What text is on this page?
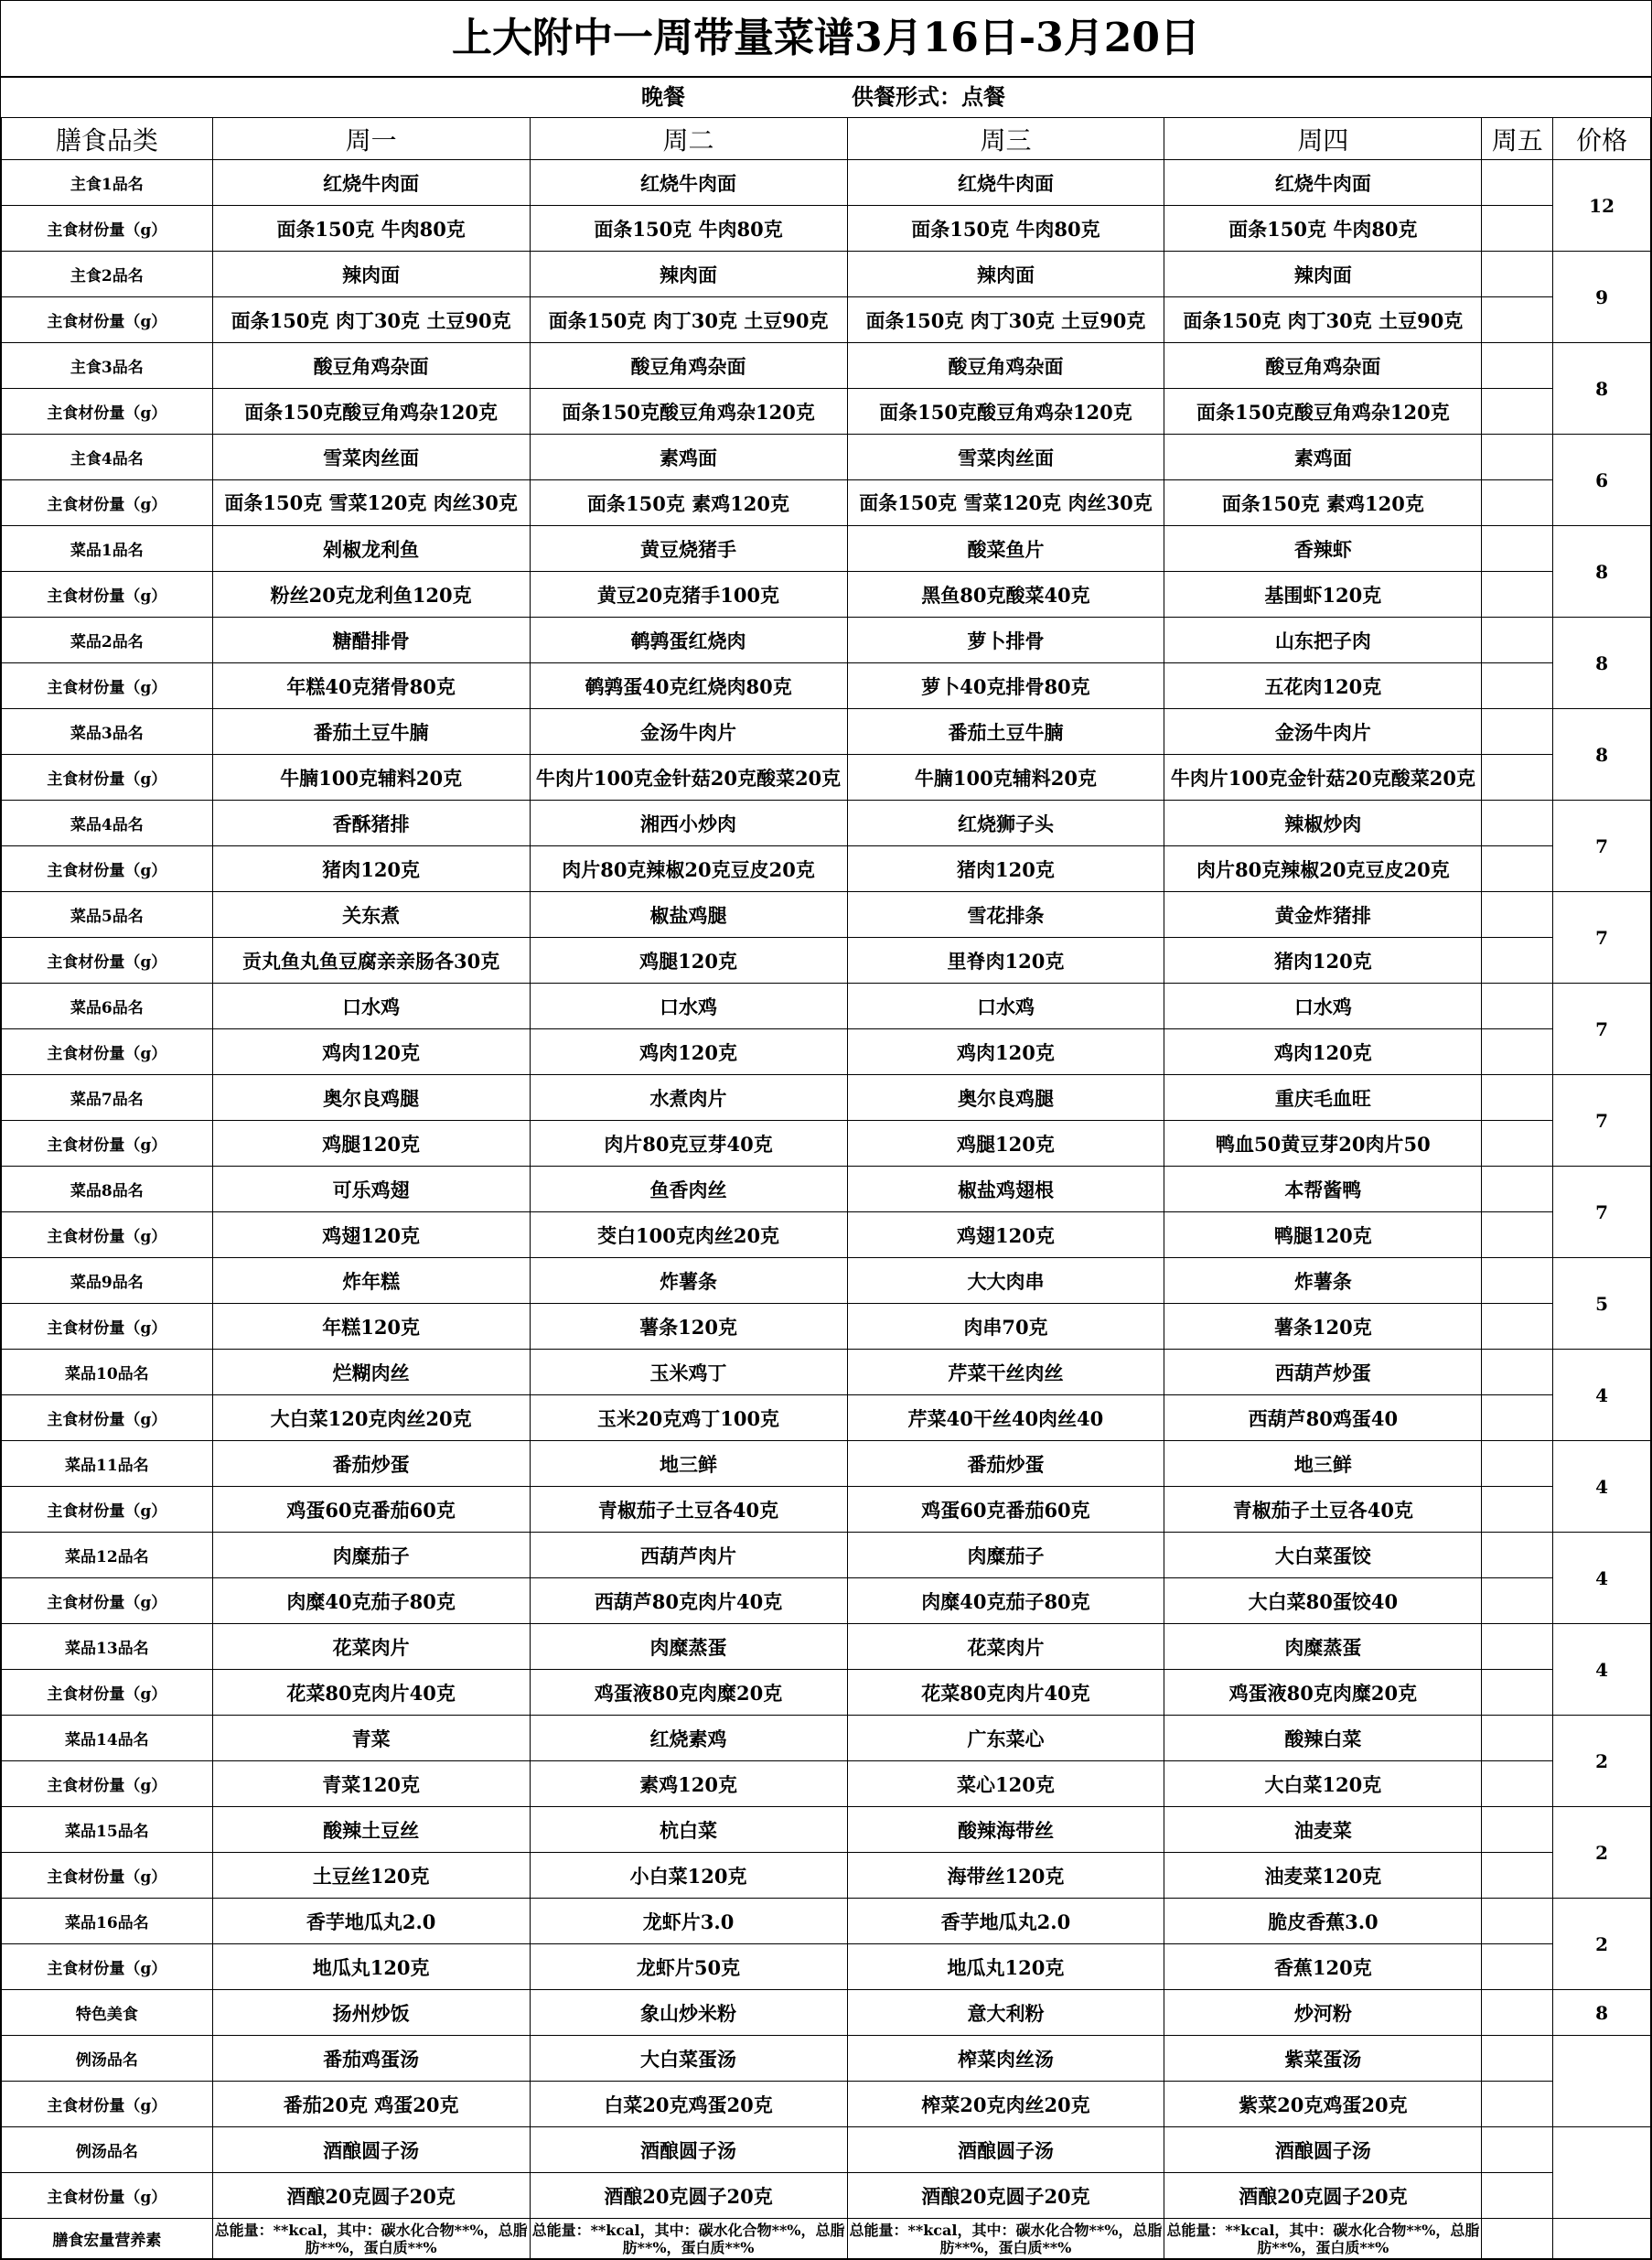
上大附中一周带量菜谱3月16日-3月20日
晚餐	供餐形式：点餐
膳食品类	周一	周二	周三	周四	周五	价格
主食1品名	红烧牛肉面	红烧牛肉面	红烧牛肉面	红烧牛肉面		12
主食材份量（g）	面条150克 牛肉80克	面条150克 牛肉80克	面条150克 牛肉80克	面条150克 牛肉80克		
主食2品名	辣肉面	辣肉面	辣肉面	辣肉面		9
主食材份量（g）	面条150克 肉丁30克 土豆90克	面条150克 肉丁30克 土豆90克	面条150克 肉丁30克 土豆90克	面条150克 肉丁30克 土豆90克		
主食3品名	酸豆角鸡杂面	酸豆角鸡杂面	酸豆角鸡杂面	酸豆角鸡杂面		8
主食材份量（g）	面条150克酸豆角鸡杂120克	面条150克酸豆角鸡杂120克	面条150克酸豆角鸡杂120克	面条150克酸豆角鸡杂120克		
主食4品名	雪菜肉丝面	素鸡面	雪菜肉丝面	素鸡面		6
主食材份量（g）	面条150克 雪菜120克 肉丝30克	面条150克 素鸡120克	面条150克 雪菜120克 肉丝30克	面条150克 素鸡120克		
菜品1品名	剁椒龙利鱼	黄豆烧猪手	酸菜鱼片	香辣虾		8
主食材份量（g）	粉丝20克龙利鱼120克	黄豆20克猪手100克	黑鱼80克酸菜40克	基围虾120克		
菜品2品名	糖醋排骨	鹌鹑蛋红烧肉	萝卜排骨	山东把子肉		8
主食材份量（g）	年糕40克猪骨80克	鹌鹑蛋40克红烧肉80克	萝卜40克排骨80克	五花肉120克		
菜品3品名	番茄土豆牛腩	金汤牛肉片	番茄土豆牛腩	金汤牛肉片		8
主食材份量（g）	牛腩100克辅料20克	牛肉片100克金针菇20克酸菜20克	牛腩100克辅料20克	牛肉片100克金针菇20克酸菜20克		
菜品4品名	香酥猪排	湘西小炒肉	红烧狮子头	辣椒炒肉		7
主食材份量（g）	猪肉120克	肉片80克辣椒20克豆皮20克	猪肉120克	肉片80克辣椒20克豆皮20克		
菜品5品名	关东煮	椒盐鸡腿	雪花排条	黄金炸猪排		7
主食材份量（g）	贡丸鱼丸鱼豆腐亲亲肠各30克	鸡腿120克	里脊肉120克	猪肉120克		
菜品6品名	口水鸡	口水鸡	口水鸡	口水鸡		7
主食材份量（g）	鸡肉120克	鸡肉120克	鸡肉120克	鸡肉120克		
菜品7品名	奥尔良鸡腿	水煮肉片	奥尔良鸡腿	重庆毛血旺		7
主食材份量（g）	鸡腿120克	肉片80克豆芽40克	鸡腿120克	鸭血50黄豆芽20肉片50		
菜品8品名	可乐鸡翅	鱼香肉丝	椒盐鸡翅根	本帮酱鸭		7
主食材份量（g）	鸡翅120克	茭白100克肉丝20克	鸡翅120克	鸭腿120克		
菜品9品名	炸年糕	炸薯条	大大肉串	炸薯条		5
主食材份量（g）	年糕120克	薯条120克	肉串70克	薯条120克		
菜品10品名	烂糊肉丝	玉米鸡丁	芹菜干丝肉丝	西葫芦炒蛋		4
主食材份量（g）	大白菜120克肉丝20克	玉米20克鸡丁100克	芹菜40干丝40肉丝40	西葫芦80鸡蛋40		
菜品11品名	番茄炒蛋	地三鲜	番茄炒蛋	地三鲜		4
主食材份量（g）	鸡蛋60克番茄60克	青椒茄子土豆各40克	鸡蛋60克番茄60克	青椒茄子土豆各40克		
菜品12品名	肉糜茄子	西葫芦肉片	肉糜茄子	大白菜蛋饺		4
主食材份量（g）	肉糜40克茄子80克	西葫芦80克肉片40克	肉糜40克茄子80克	大白菜80蛋饺40		
菜品13品名	花菜肉片	肉糜蒸蛋	花菜肉片	肉糜蒸蛋		4
主食材份量（g）	花菜80克肉片40克	鸡蛋液80克肉糜20克	花菜80克肉片40克	鸡蛋液80克肉糜20克		
菜品14品名	青菜	红烧素鸡	广东菜心	酸辣白菜		2
主食材份量（g）	青菜120克	素鸡120克	菜心120克	大白菜120克		
菜品15品名	酸辣土豆丝	杭白菜	酸辣海带丝	油麦菜		2
主食材份量（g）	土豆丝120克	小白菜120克	海带丝120克	油麦菜120克		
菜品16品名	香芋地瓜丸2.0	龙虾片3.0	香芋地瓜丸2.0	脆皮香蕉3.0		2
主食材份量（g）	地瓜丸120克	龙虾片50克	地瓜丸120克	香蕉120克		
特色美食	扬州炒饭	象山炒米粉	意大利粉	炒河粉		8
例汤品名	番茄鸡蛋汤	大白菜蛋汤	榨菜肉丝汤	紫菜蛋汤		
主食材份量（g）	番茄20克 鸡蛋20克	白菜20克鸡蛋20克	榨菜20克肉丝20克	紫菜20克鸡蛋20克		
例汤品名	酒酿圆子汤	酒酿圆子汤	酒酿圆子汤	酒酿圆子汤		
主食材份量（g）	酒酿20克圆子20克	酒酿20克圆子20克	酒酿20克圆子20克	酒酿20克圆子20克		
膳食宏量营养素	总能量：**kcal，其中：碳水化合物**%，总脂肪**%，蛋白质**%	总能量：**kcal，其中：碳水化合物**%，总脂肪**%，蛋白质**%	总能量：**kcal，其中：碳水化合物**%，总脂肪**%，蛋白质**%	总能量：**kcal，其中：碳水化合物**%，总脂肪**%，蛋白质**%		
